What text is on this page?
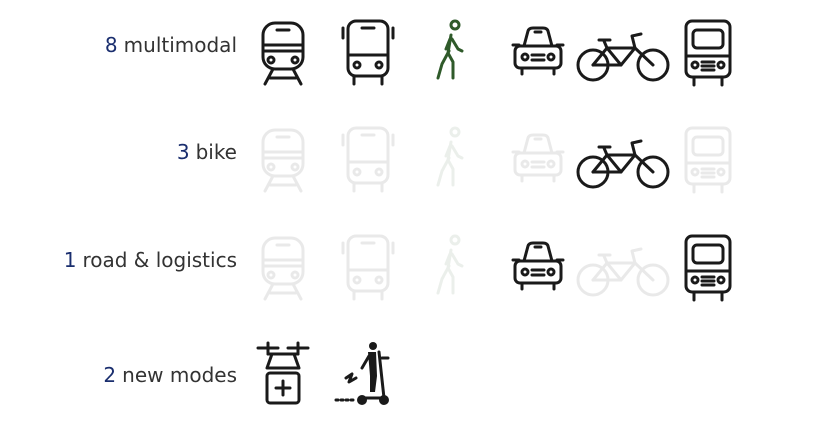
8 multimodal
3 bike
1 road & logistics
2 new modes
